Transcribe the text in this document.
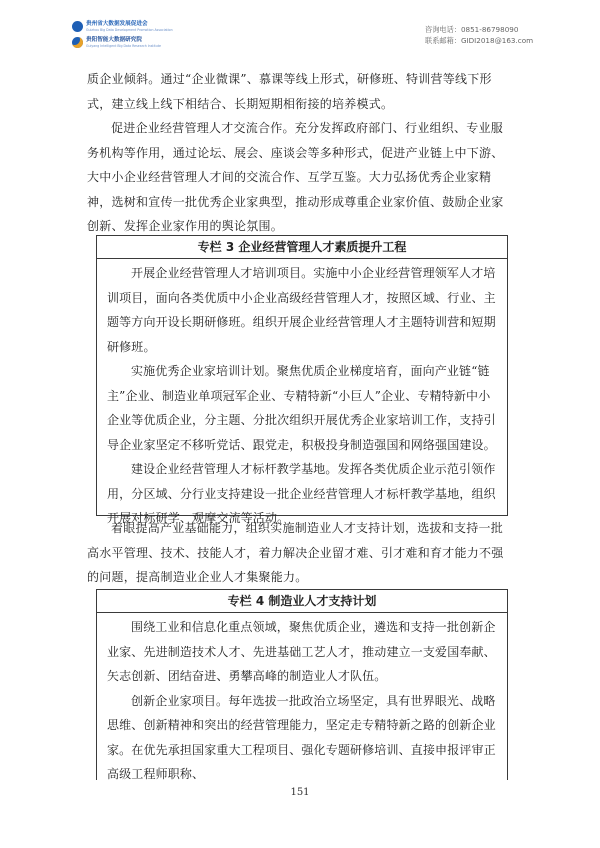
贵州省大数据发展促进会
Guizhou Big Data Development Promotion Association
贵阳智能大数据研究院
Guiyang Intelligent Big Data Research Institute
咨询电话：0851-86798090
联系邮箱：GIDI2018@163.com

质企业倾斜。通过“企业微课”、慕课等线上形式，研修班、特训营等线下形式，建立线上线下相结合、长期短期相衔接的培养模式。

促进企业经营管理人才交流合作。充分发挥政府部门、行业组织、专业服务机构等作用，通过论坛、展会、座谈会等多种形式，促进产业链上中下游、大中小企业经营管理人才间的交流合作、互学互鉴。大力弘扬优秀企业家精神，选树和宣传一批优秀企业家典型，推动形成尊重企业家价值、鼓励企业家创新、发挥企业家作用的舆论氛围。

专栏 3 企业经营管理人才素质提升工程

开展企业经营管理人才培训项目。实施中小企业经营管理领军人才培训项目，面向各类优质中小企业高级经营管理人才，按照区域、行业、主题等方向开设长期研修班。组织开展企业经营管理人才主题特训营和短期研修班。

实施优秀企业家培训计划。聚焦优质企业梯度培育，面向产业链“链主”企业、制造业单项冠军企业、专精特新“小巨人”企业、专精特新中小企业等优质企业，分主题、分批次组织开展优秀企业家培训工作，支持引导企业家坚定不移听党话、跟党走，积极投身制造强国和网络强国建设。

建设企业经营管理人才标杆教学基地。发挥各类优质企业示范引领作用，分区域、分行业支持建设一批企业经营管理人才标杆教学基地，组织开展对标研学、观摩交流等活动。

着眼提高产业基础能力，组织实施制造业人才支持计划，选拔和支持一批高水平管理、技术、技能人才，着力解决企业留才难、引才难和育才能力不强的问题，提高制造业企业人才集聚能力。

专栏 4 制造业人才支持计划

围绕工业和信息化重点领域，聚焦优质企业，遴选和支持一批创新企业家、先进制造技术人才、先进基础工艺人才，推动建立一支爱国奉献、矢志创新、团结奋进、勇攀高峰的制造业人才队伍。

创新企业家项目。每年选拔一批政治立场坚定，具有世界眼光、战略思维、创新精神和突出的经营管理能力，坚定走专精特新之路的创新企业家。在优先承担国家重大工程项目、强化专题研修培训、直接申报评审正高级工程师职称、

151
